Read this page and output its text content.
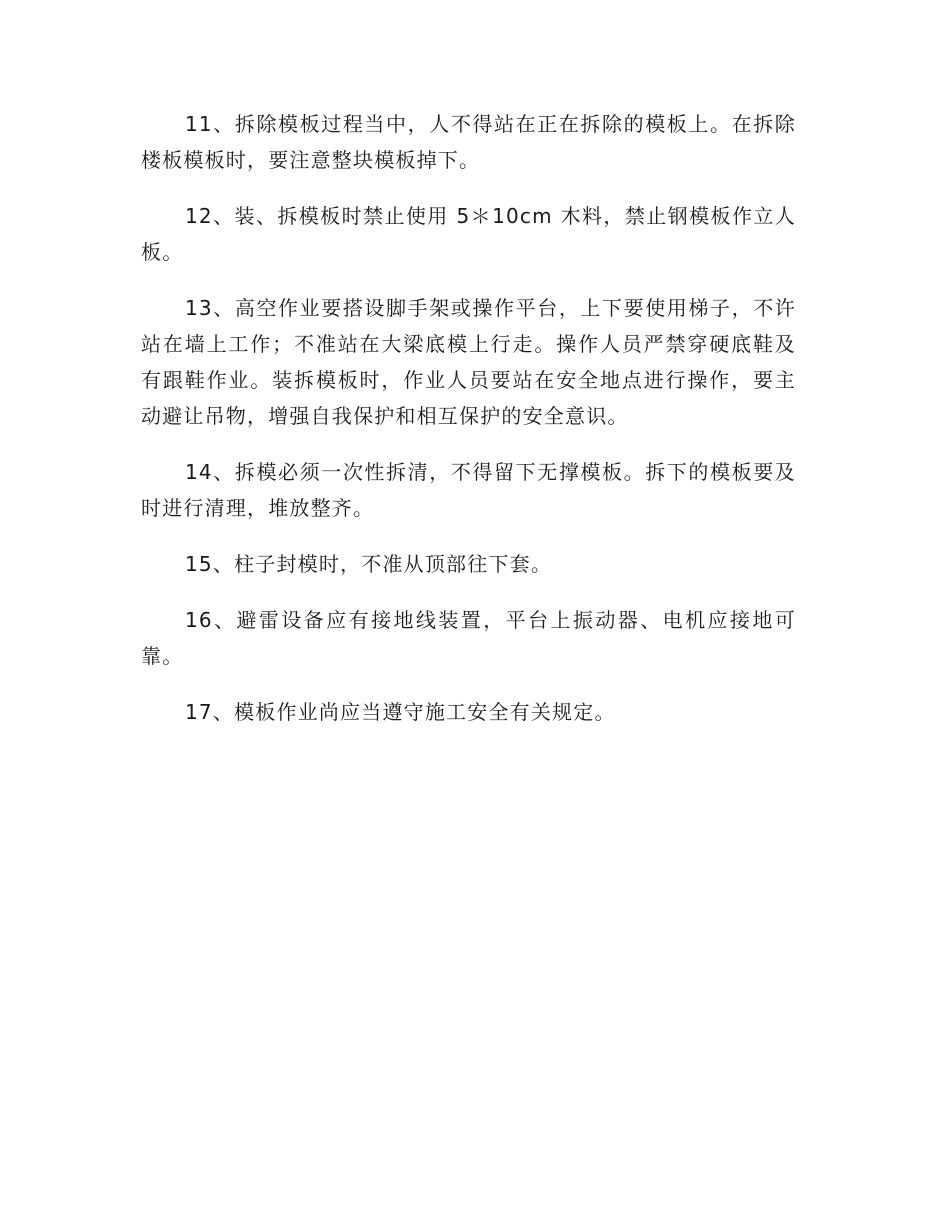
11、拆除模板过程当中，人不得站在正在拆除的模板上。在拆除楼板模板时，要注意整块模板掉下。

12、装、拆模板时禁止使用 5＊10cm 木料，禁止钢模板作立人板。

13、高空作业要搭设脚手架或操作平台，上下要使用梯子，不许站在墙上工作；不准站在大梁底模上行走。操作人员严禁穿硬底鞋及有跟鞋作业。装拆模板时，作业人员要站在安全地点进行操作，要主动避让吊物，增强自我保护和相互保护的安全意识。

14、拆模必须一次性拆清，不得留下无撑模板。拆下的模板要及时进行清理，堆放整齐。

15、柱子封模时，不准从顶部往下套。

16、避雷设备应有接地线装置，平台上振动器、电机应接地可靠。

17、模板作业尚应当遵守施工安全有关规定。
